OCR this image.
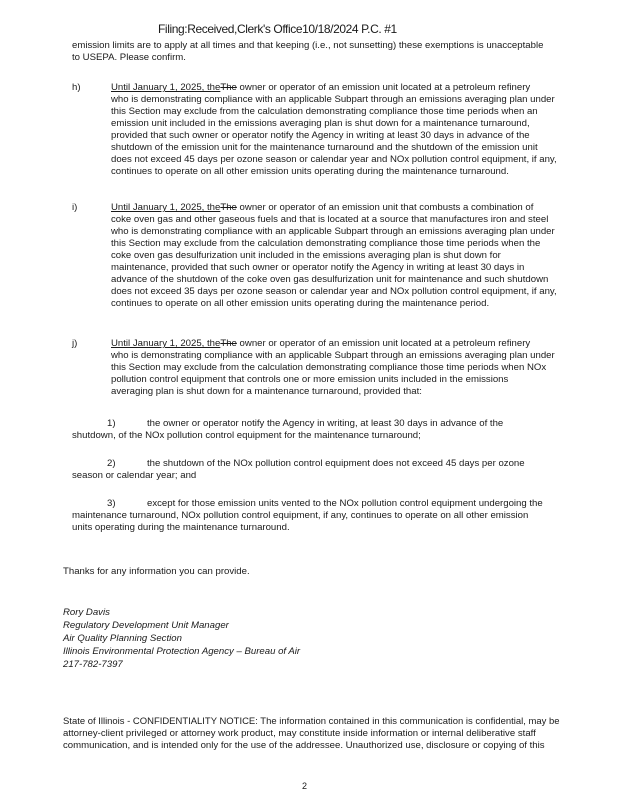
Filing:Received,Clerk's Office10/18/2024 P.C. #1
emission limits are to apply at all times and that keeping (i.e., not sunsetting) these exemptions is unacceptable
to USEPA. Please confirm.
h)	Until January 1, 2025, theThe owner or operator of an emission unit located at a petroleum refinery
who is demonstrating compliance with an applicable Subpart through an emissions averaging plan under
this Section may exclude from the calculation demonstrating compliance those time periods when an
emission unit included in the emissions averaging plan is shut down for a maintenance turnaround,
provided that such owner or operator notify the Agency in writing at least 30 days in advance of the
shutdown of the emission unit for the maintenance turnaround and the shutdown of the emission unit
does not exceed 45 days per ozone season or calendar year and NOx pollution control equipment, if any,
continues to operate on all other emission units operating during the maintenance turnaround.
i)	Until January 1, 2025, theThe owner or operator of an emission unit that combusts a combination of
coke oven gas and other gaseous fuels and that is located at a source that manufactures iron and steel
who is demonstrating compliance with an applicable Subpart through an emissions averaging plan under
this Section may exclude from the calculation demonstrating compliance those time periods when the
coke oven gas desulfurization unit included in the emissions averaging plan is shut down for
maintenance, provided that such owner or operator notify the Agency in writing at least 30 days in
advance of the shutdown of the coke oven gas desulfurization unit for maintenance and such shutdown
does not exceed 35 days per ozone season or calendar year and NOx pollution control equipment, if any,
continues to operate on all other emission units operating during the maintenance period.
j)	Until January 1, 2025, theThe owner or operator of an emission unit located at a petroleum refinery
who is demonstrating compliance with an applicable Subpart through an emissions averaging plan under
this Section may exclude from the calculation demonstrating compliance those time periods when NOx
pollution control equipment that controls one or more emission units included in the emissions
averaging plan is shut down for a maintenance turnaround, provided that:
1)	the owner or operator notify the Agency in writing, at least 30 days in advance of the
shutdown, of the NOx pollution control equipment for the maintenance turnaround;
2)	the shutdown of the NOx pollution control equipment does not exceed 45 days per ozone
season or calendar year; and
3)	except for those emission units vented to the NOx pollution control equipment undergoing the
maintenance turnaround, NOx pollution control equipment, if any, continues to operate on all other emission
units operating during the maintenance turnaround.
Thanks for any information you can provide.
Rory Davis
Regulatory Development Unit Manager
Air Quality Planning Section
Illinois Environmental Protection Agency – Bureau of Air
217-782-7397
State of Illinois - CONFIDENTIALITY NOTICE: The information contained in this communication is confidential, may be
attorney-client privileged or attorney work product, may constitute inside information or internal deliberative staff
communication, and is intended only for the use of the addressee. Unauthorized use, disclosure or copying of this
2
